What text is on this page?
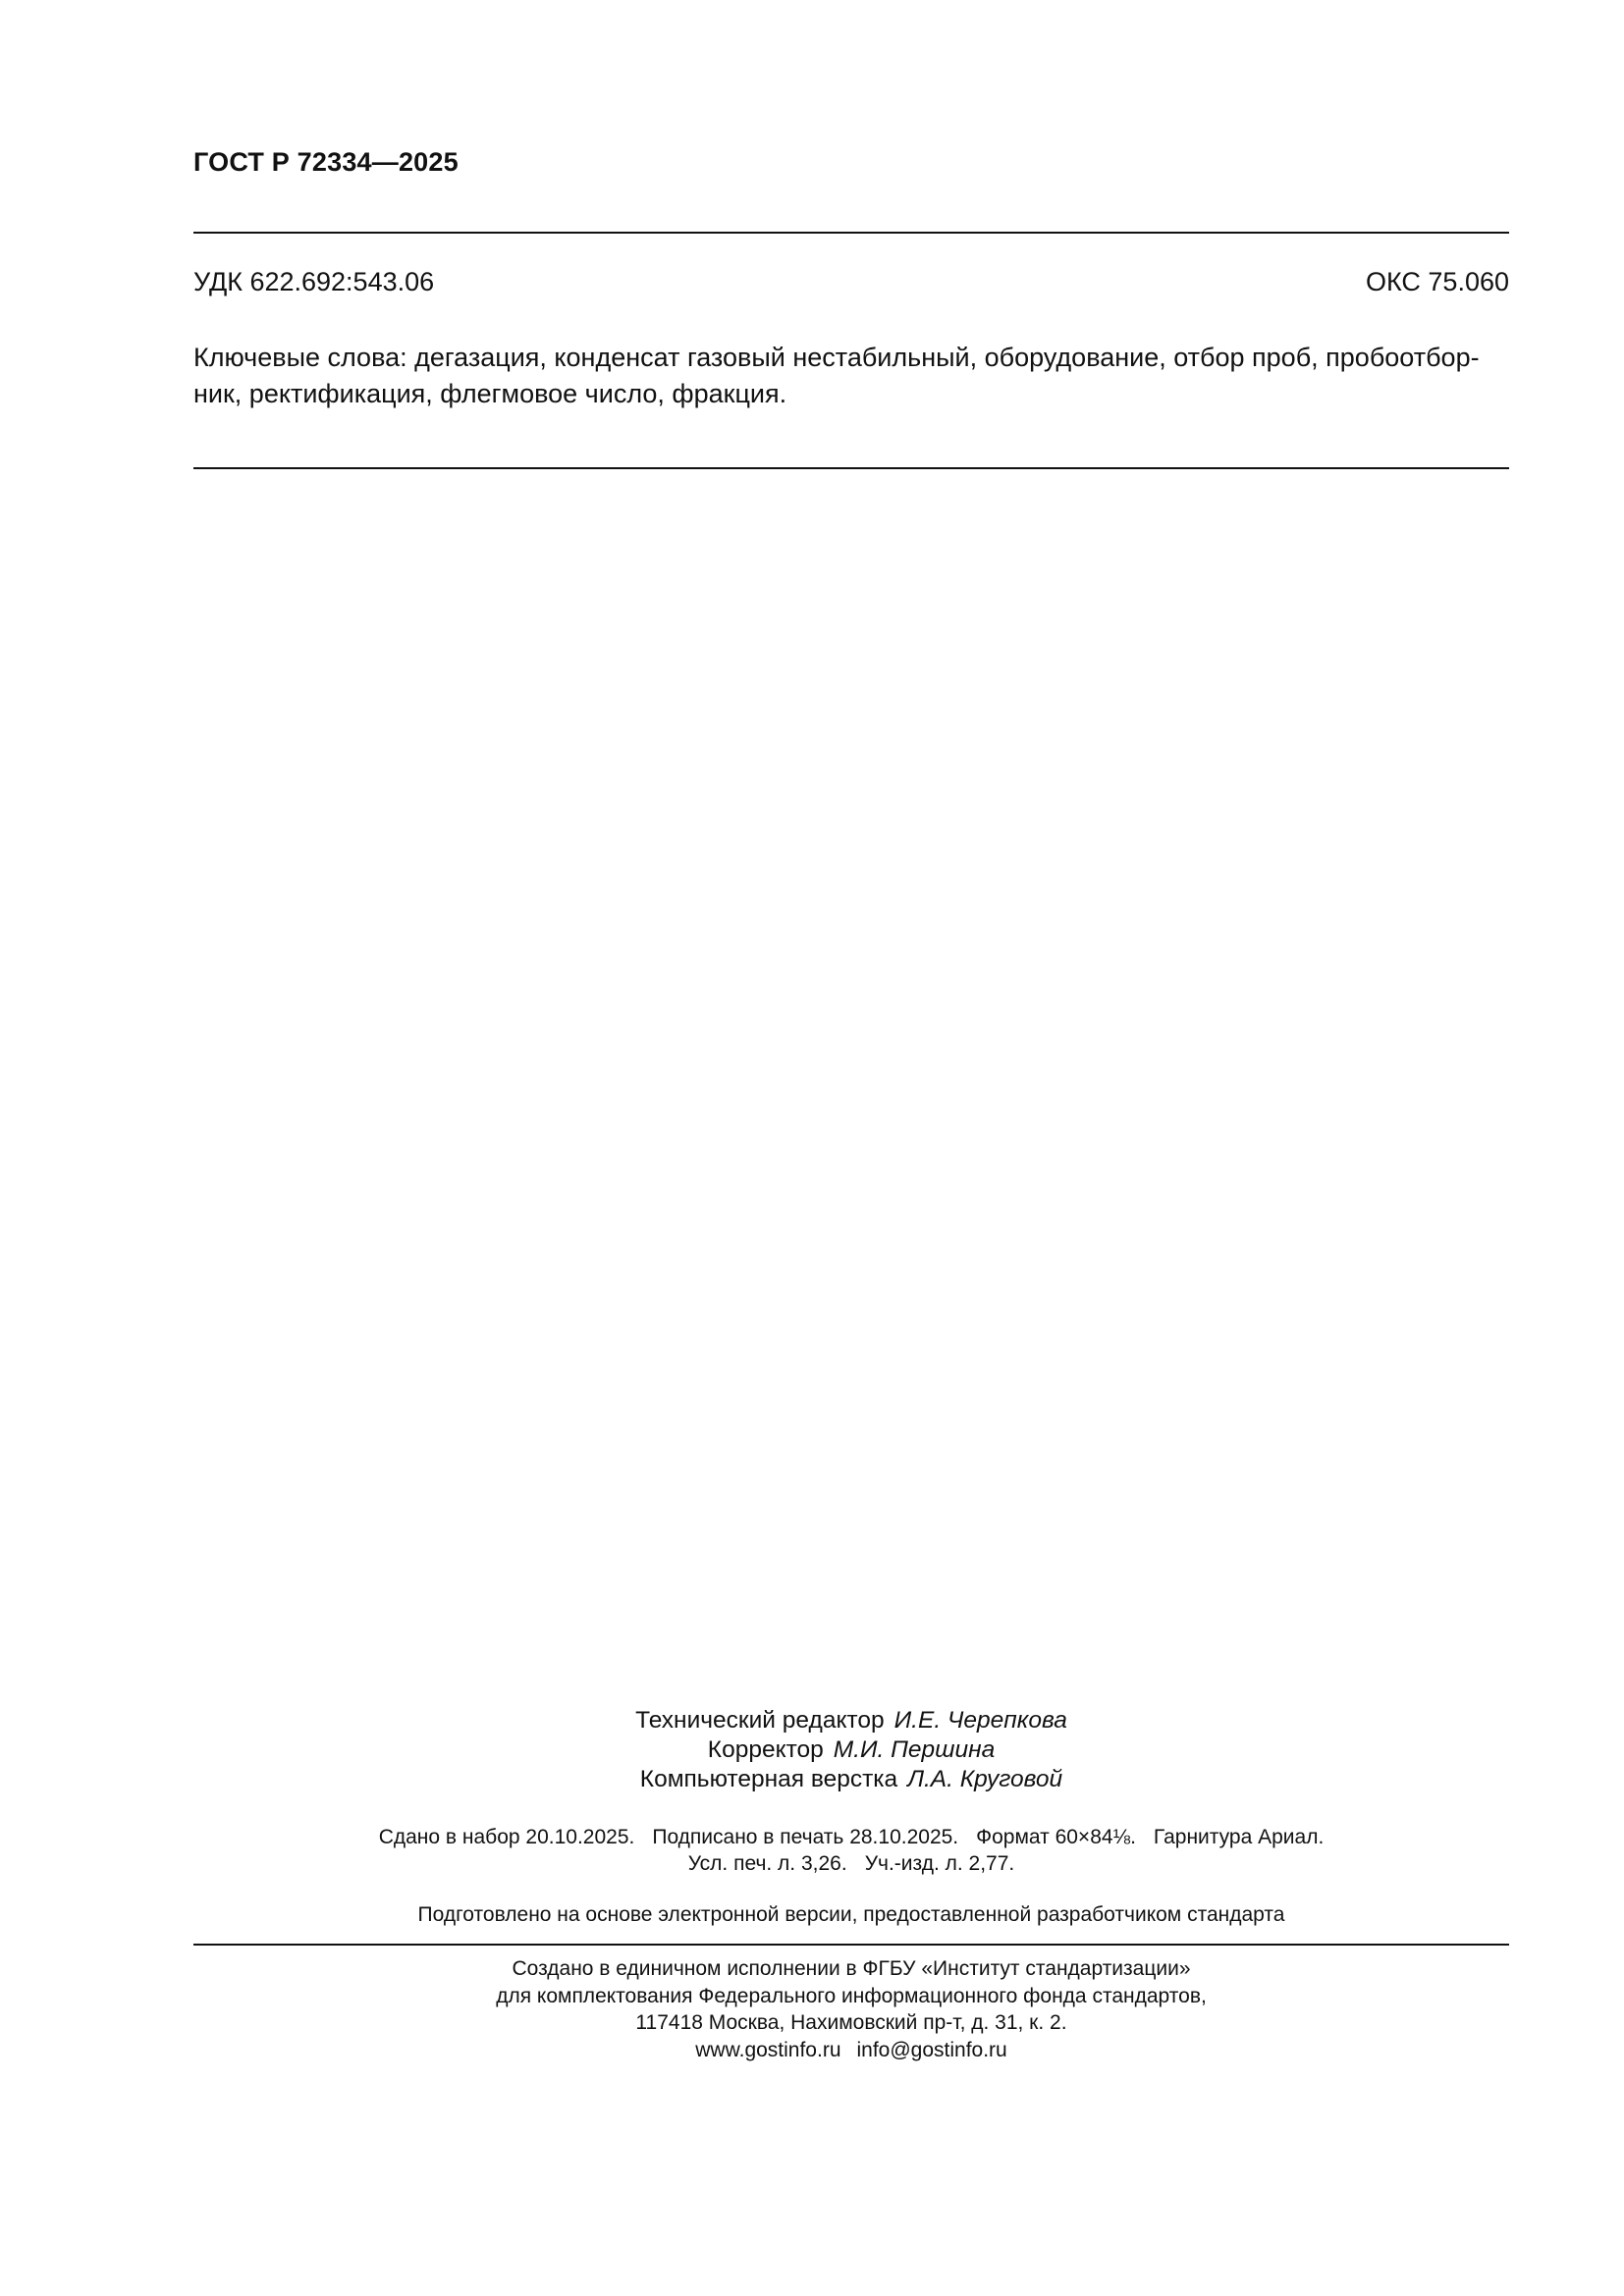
ГОСТ Р 72334—2025
УДК 622.692:543.06	ОКС 75.060
Ключевые слова: дегазация, конденсат газовый нестабильный, оборудование, отбор проб, пробоотбор-
ник, ректификация, флегмовое число, фракция.
Технический редактор И.Е. Черепкова
Корректор М.И. Першина
Компьютерная верстка Л.А. Круговой
Сдано в набор 20.10.2025. Подписано в печать 28.10.2025. Формат 60×84⅛. Гарнитура Ариал.
Усл. печ. л. 3,26. Уч.-изд. л. 2,77.
Подготовлено на основе электронной версии, предоставленной разработчиком стандарта
Создано в единичном исполнении в ФГБУ «Институт стандартизации»
для комплектования Федерального информационного фонда стандартов,
117418 Москва, Нахимовский пр-т, д. 31, к. 2.
www.gostinfo.ru info@gostinfo.ru
